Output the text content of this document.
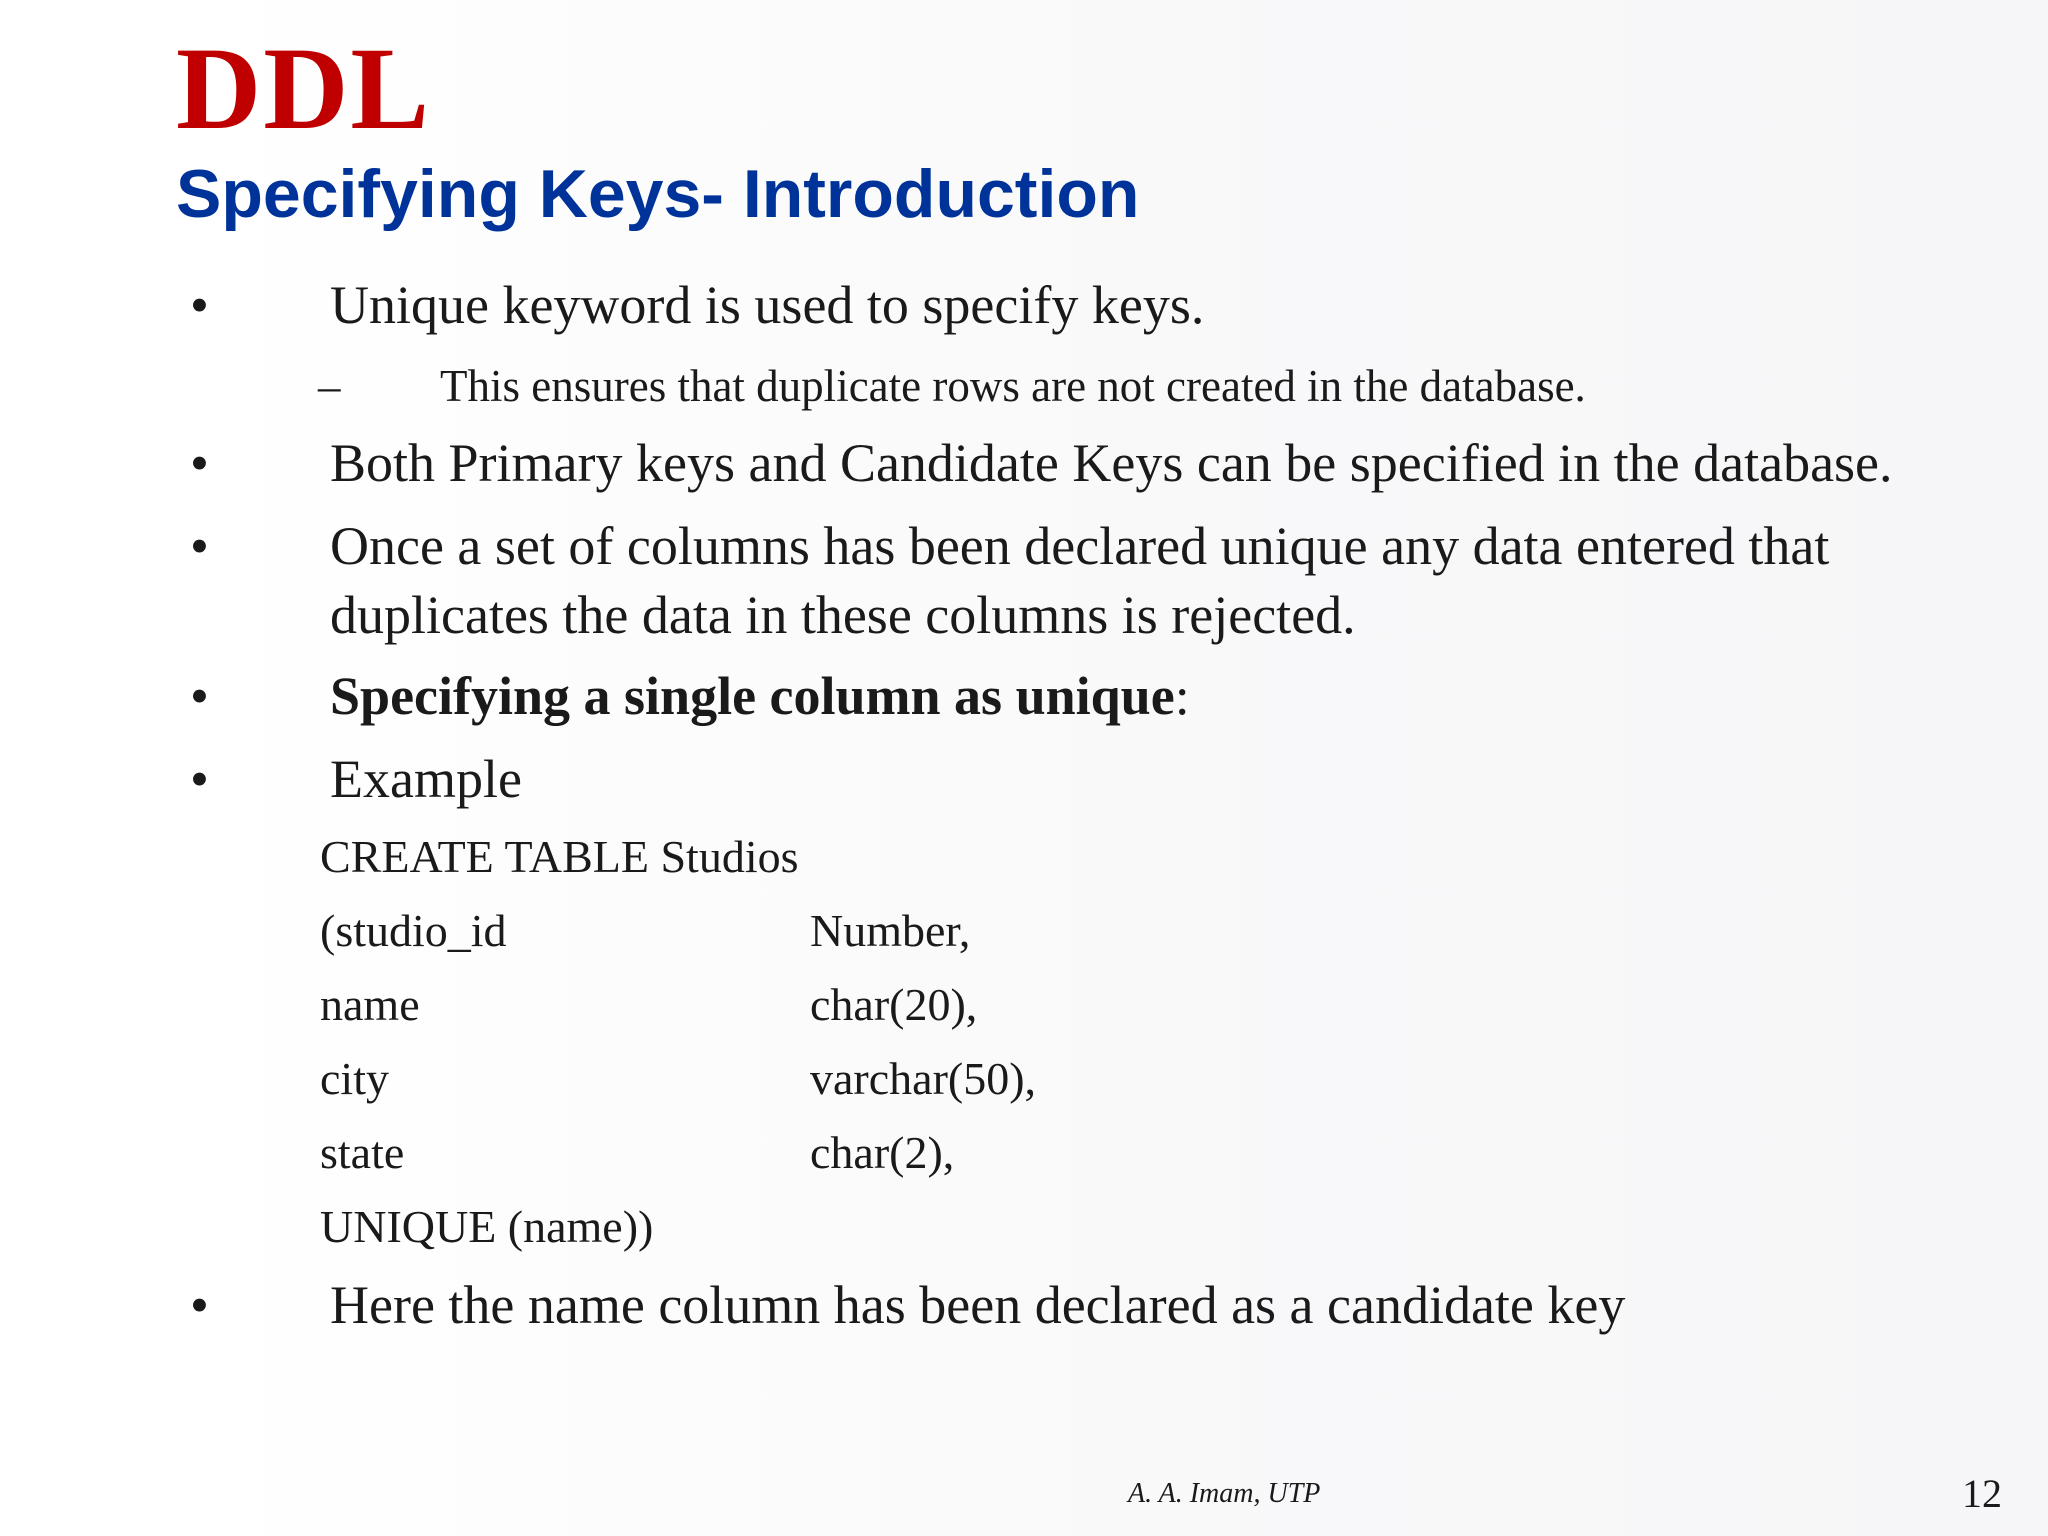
DDL
Specifying Keys- Introduction
• Unique keyword is used to specify keys.
– This ensures that duplicate rows are not created in the database.
• Both Primary keys and Candidate Keys can be specified in the database.
• Once a set of columns has been declared unique any data entered that
duplicates the data in these columns is rejected.
• Specifying a single column as unique:
• Example
CREATE TABLE Studios
(studio_id	Number,
name	char(20),
city	varchar(50),
state	char(2),
UNIQUE (name))
• Here the name column has been declared as a candidate key
A. A. Imam, UTP	12
